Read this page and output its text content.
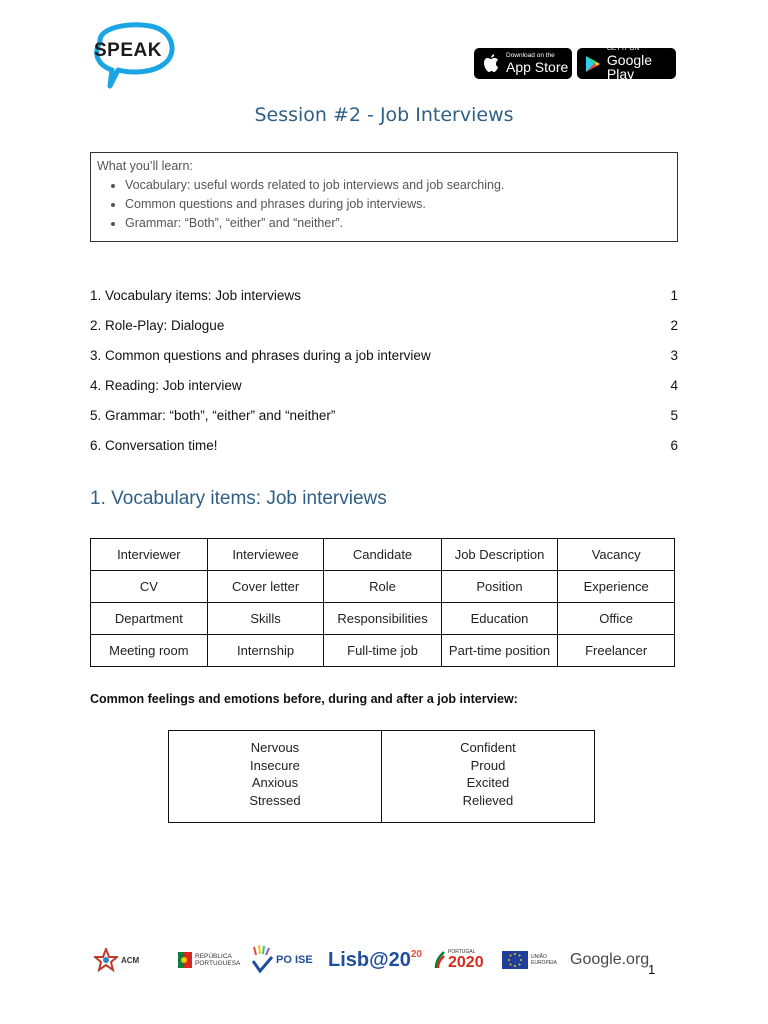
SPEAK	Download on the
App Store
GET IT ON
Google Play
Session #2 - Job Interviews
What you’ll learn:
• Vocabulary: useful words related to job interviews and job searching.
• Common questions and phrases during job interviews.
• Grammar: “Both”, “either” and “neither”.
1. Vocabulary items: Job interviews	1
2. Role-Play: Dialogue	2
3. Common questions and phrases during a job interview	3
4. Reading: Job interview	4
5. Grammar: “both”, “either” and “neither”	5
6. Conversation time!	6
1. Vocabulary items: Job interviews
Interviewer	Interviewee	Candidate	Job Description	Vacancy
CV	Cover letter	Role	Position	Experience
Department	Skills	Responsibilities	Education	Office
Meeting room	Internship	Full-time job	Part-time position	Freelancer
Common feelings and emotions before, during and after a job interview:
Nervous
Insecure
Anxious
Stressed

Confident
Proud
Excited
Relieved
ACM	REPÚBLICA
PORTUGUESA	PO ISE Lisb@20 20	PORTUGAL
2020	UNIÃO EUROPEIA Google.org
1
